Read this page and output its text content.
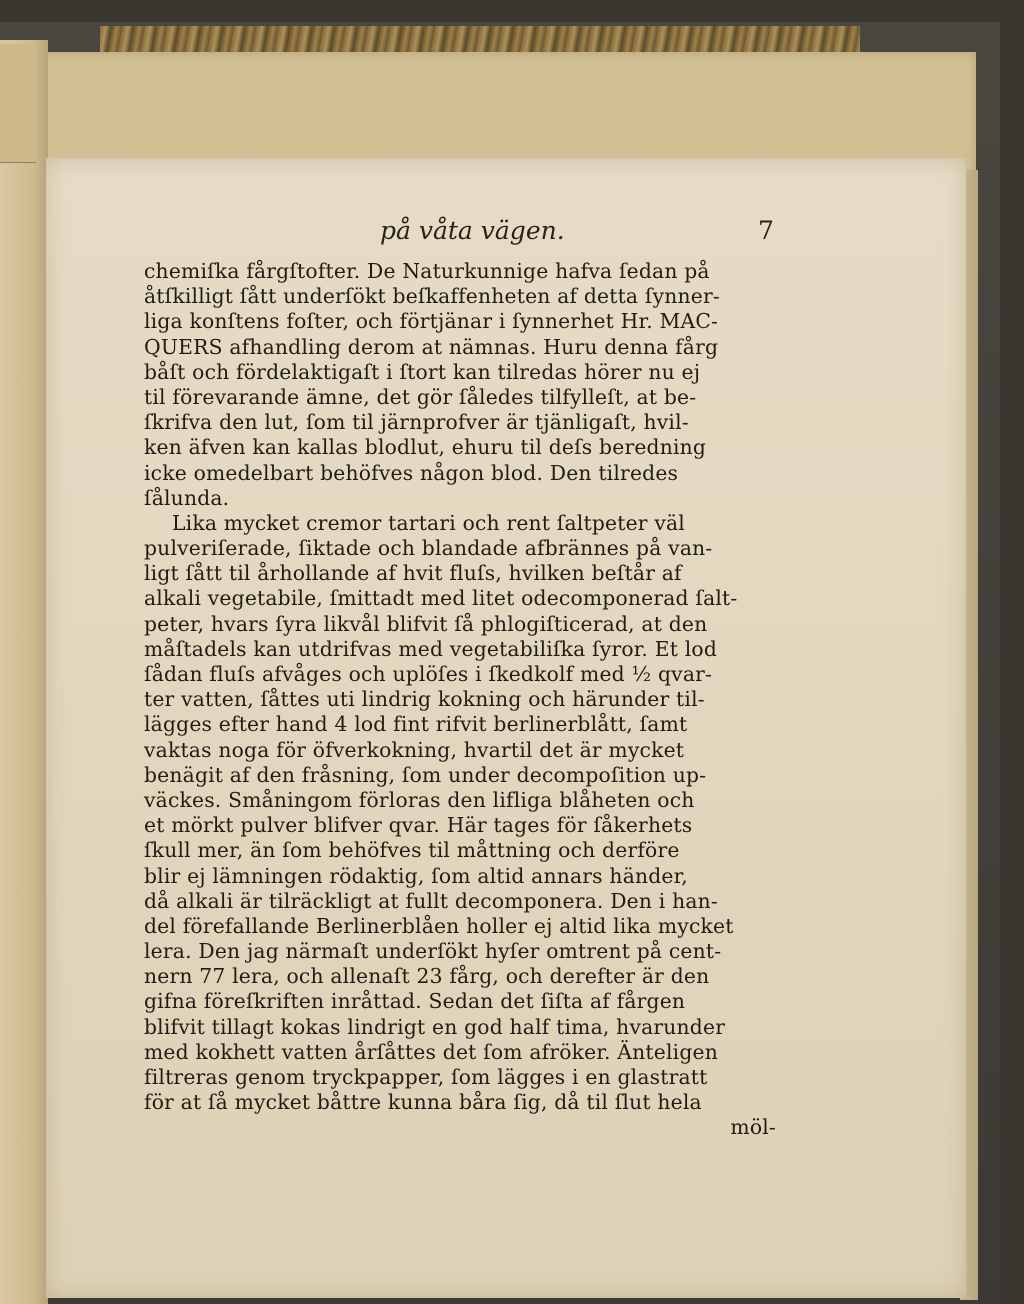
på våta vägen.	7
chemiſka fårgſtofter. De Naturkunnige hafva ſedan på
åtſkilligt ſått underſökt beſkaffenheten af detta ſynner-
liga konſtens foſter, och förtjänar i ſynnerhet Hr. MAC-
QUERS afhandling derom at nämnas. Huru denna fårg
båſt och fördelaktigaſt i ſtort kan tilredas hörer nu ej
til förevarande ämne, det gör ſåledes tilfylleſt, at be-
ſkrifva den lut, ſom til järnprofver är tjänligaſt, hvil-
ken äfven kan kallas blodlut, ehuru til deſs beredning
icke omedelbart behöfves någon blod. Den tilredes
ſålunda.
Lika mycket cremor tartari och rent ſaltpeter väl
pulveriſerade, ſiktade och blandade afbrännes på van-
ligt ſått til århollande af hvit fluſs, hvilken beſtår af
alkali vegetabile, ſmittadt med litet odecomponerad ſalt-
peter, hvars ſyra likvål blifvit ſå phlogiſticerad, at den
måſtadels kan utdrifvas med vegetabiliſka ſyror. Et lod
ſådan fluſs afvåges och uplöſes i ſkedkolf med ½ qvar-
ter vatten, ſåttes uti lindrig kokning och härunder til-
lägges efter hand 4 lod fint rifvit berlinerblått, ſamt
vaktas noga för öfverkokning, hvartil det är mycket
benägit af den fråsning, ſom under decompoſition up-
väckes. Småningom förloras den lifliga blåheten och
et mörkt pulver blifver qvar. Här tages för ſåkerhets
ſkull mer, än ſom behöfves til måttning och derföre
blir ej lämningen rödaktig, ſom altid annars händer,
då alkali är tilräckligt at fullt decomponera. Den i han-
del förefallande Berlinerblåen holler ej altid lika mycket
lera. Den jag närmaſt underſökt hyſer omtrent på cent-
nern 77 lera, och allenaſt 23 fårg, och derefter är den
gifna föreſkriften inråttad. Sedan det ſiſta af fårgen
blifvit tillagt kokas lindrigt en god half tima, hvarunder
med kokhett vatten årſåttes det ſom afröker. Änteligen
filtreras genom tryckpapper, ſom lägges i en glastratt
för at ſå mycket båttre kunna båra ſig, då til ſlut hela
möl-
